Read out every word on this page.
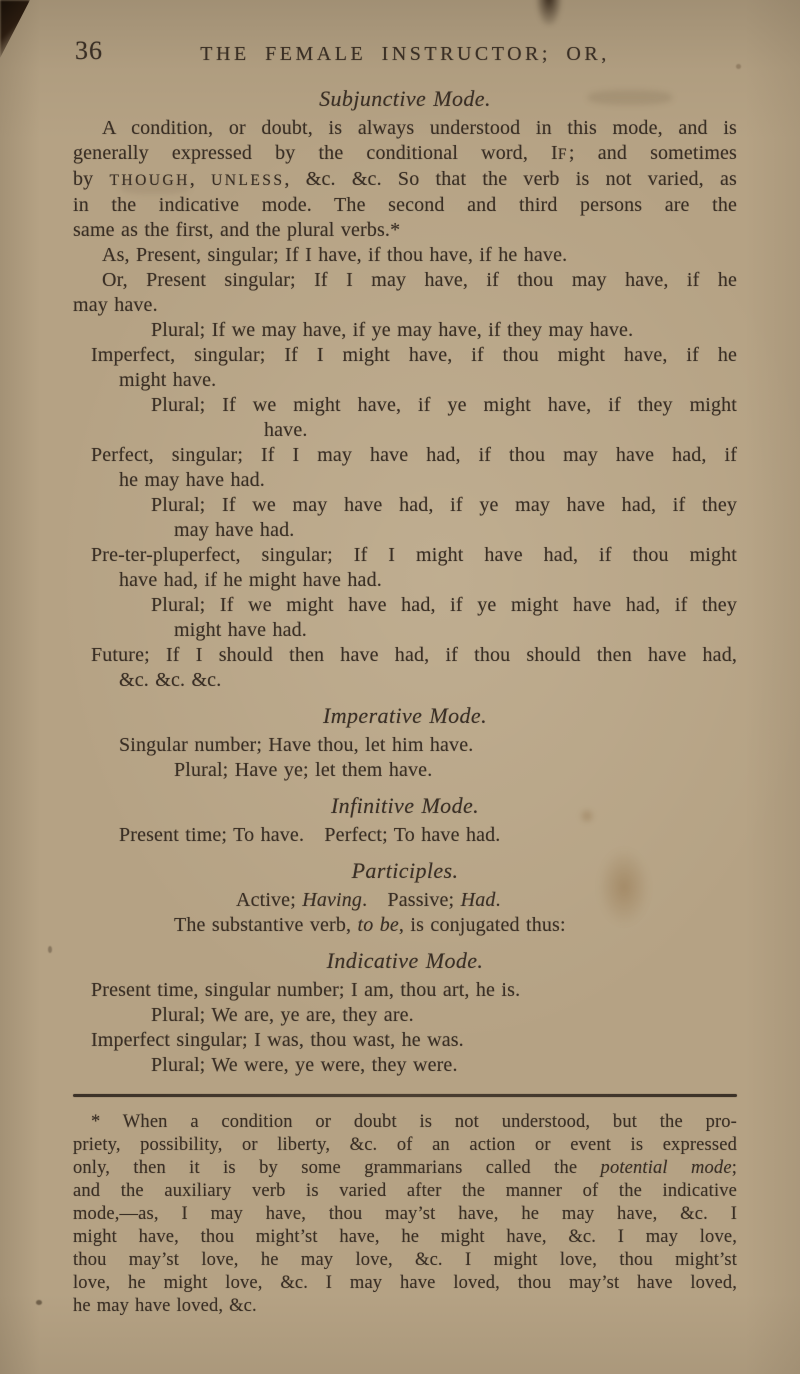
36	THE FEMALE INSTRUCTOR; OR,
Subjunctive Mode.
A condition, or doubt, is always understood in this mode, and is
generally expressed by the conditional word, IF; and sometimes
by THOUGH, UNLESS, &c. &c. So that the verb is not varied, as
in the indicative mode. The second and third persons are the
same as the first, and the plural verbs.*
As, Present, singular; If I have, if thou have, if he have.
Or, Present singular; If I may have, if thou may have, if he
may have.
Plural; If we may have, if ye may have, if they may have.
Imperfect, singular; If I might have, if thou might have, if he
might have.
Plural; If we might have, if ye might have, if they might
have.
Perfect, singular; If I may have had, if thou may have had, if
he may have had.
Plural; If we may have had, if ye may have had, if they
may have had.
Pre-ter-pluperfect, singular; If I might have had, if thou might
have had, if he might have had.
Plural; If we might have had, if ye might have had, if they
might have had.
Future; If I should then have had, if thou should then have had,
&c. &c. &c.
Imperative Mode.
Singular number; Have thou, let him have.
Plural; Have ye; let them have.
Infinitive Mode.
Present time; To have.  Perfect; To have had.
Participles.
Active; Having.  Passive; Had.
The substantive verb, to be, is conjugated thus:
Indicative Mode.
Present time, singular number; I am, thou art, he is.
Plural; We are, ye are, they are.
Imperfect singular; I was, thou wast, he was.
Plural; We were, ye were, they were.
* When a condition or doubt is not understood, but the pro-
priety, possibility, or liberty, &c. of an action or event is expressed
only, then it is by some grammarians called the potential mode;
and the auxiliary verb is varied after the manner of the indicative
mode,—as, I may have, thou may’st have, he may have, &c. I
might have, thou might’st have, he might have, &c. I may love,
thou may’st love, he may love, &c. I might love, thou might’st
love, he might love, &c. I may have loved, thou may’st have loved,
he may have loved, &c.
